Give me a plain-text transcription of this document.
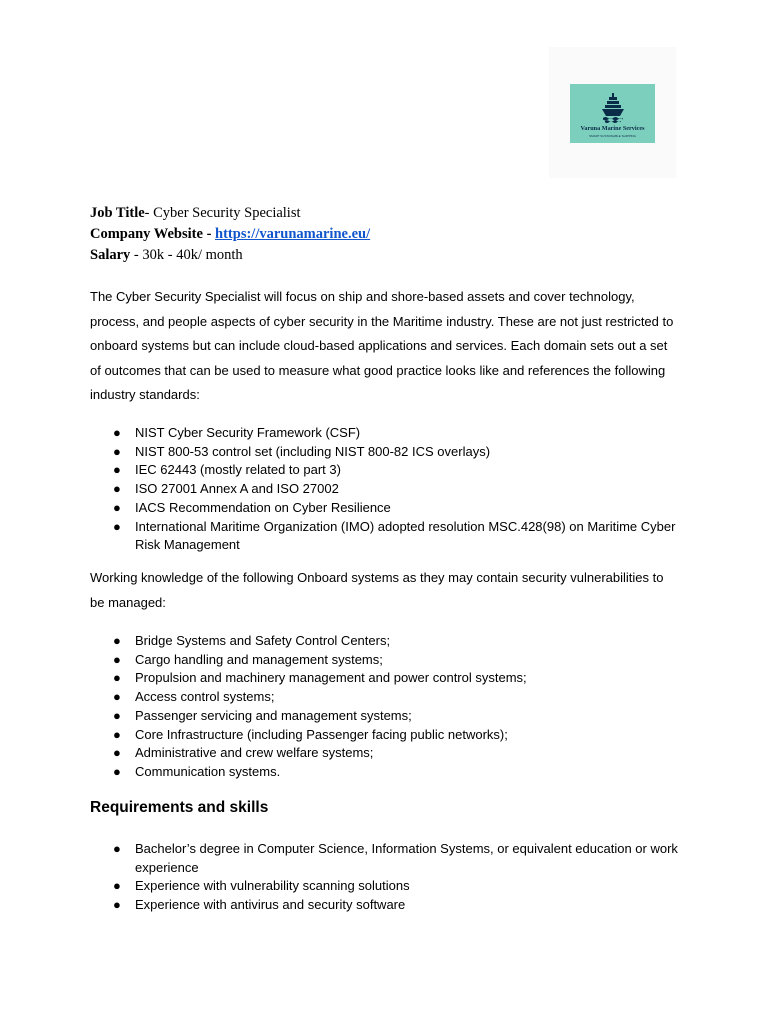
Varuna Marine Services
SMART SUSTAINABLE SHIPPING
Job Title- Cyber Security Specialist
Company Website - https://varunamarine.eu/
Salary - 30k - 40k/ month

The Cyber Security Specialist will focus on ship and shore-based assets and cover technology, process, and people aspects of cyber security in the Maritime industry. These are not just restricted to onboard systems but can include cloud-based applications and services. Each domain sets out a set of outcomes that can be used to measure what good practice looks like and references the following industry standards:

● NIST Cyber Security Framework (CSF)
● NIST 800-53 control set (including NIST 800-82 ICS overlays)
● IEC 62443 (mostly related to part 3)
● ISO 27001 Annex A and ISO 27002
● IACS Recommendation on Cyber Resilience
● International Maritime Organization (IMO) adopted resolution MSC.428(98) on Maritime Cyber Risk Management

Working knowledge of the following Onboard systems as they may contain security vulnerabilities to be managed:

● Bridge Systems and Safety Control Centers;
● Cargo handling and management systems;
● Propulsion and machinery management and power control systems;
● Access control systems;
● Passenger servicing and management systems;
● Core Infrastructure (including Passenger facing public networks);
● Administrative and crew welfare systems;
● Communication systems.
Requirements and skills
● Bachelor’s degree in Computer Science, Information Systems, or equivalent education or work experience
● Experience with vulnerability scanning solutions
● Experience with antivirus and security software
